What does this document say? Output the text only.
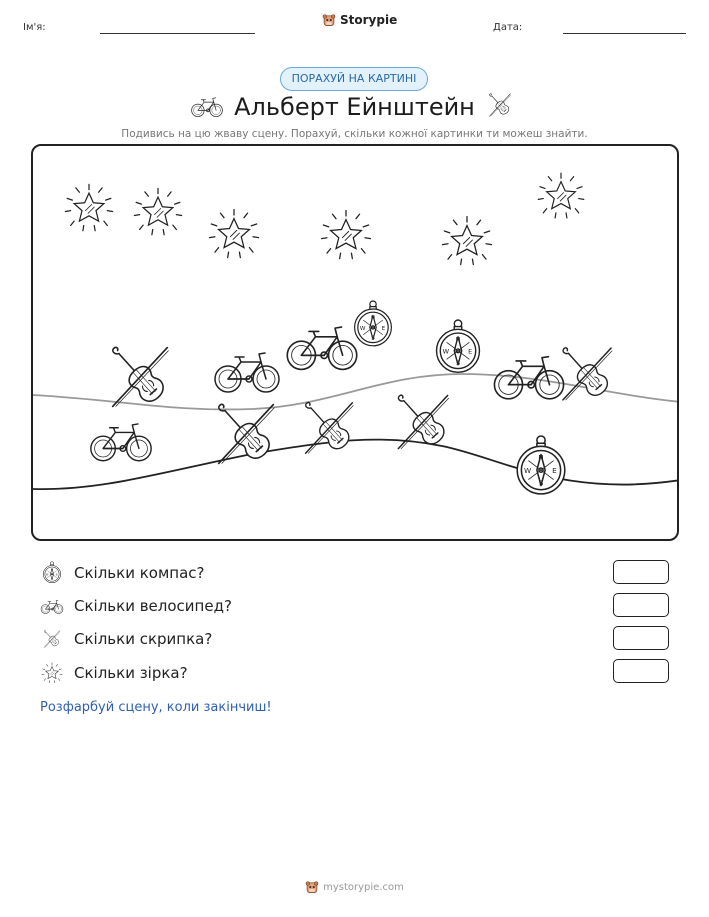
Ім'я:
Storypie
Дата:
ПОРАХУЙ НА КАРТИНІ
Альберт Ейнштейн
Подивись на цю жваву сцену. Порахуй, скільки кожної картинки ти можеш знайти.
Скільки компас?
Скільки велосипед?
Скільки скрипка?
Скільки зірка?
Розфарбуй сцену, коли закінчиш!
mystorypie.com
